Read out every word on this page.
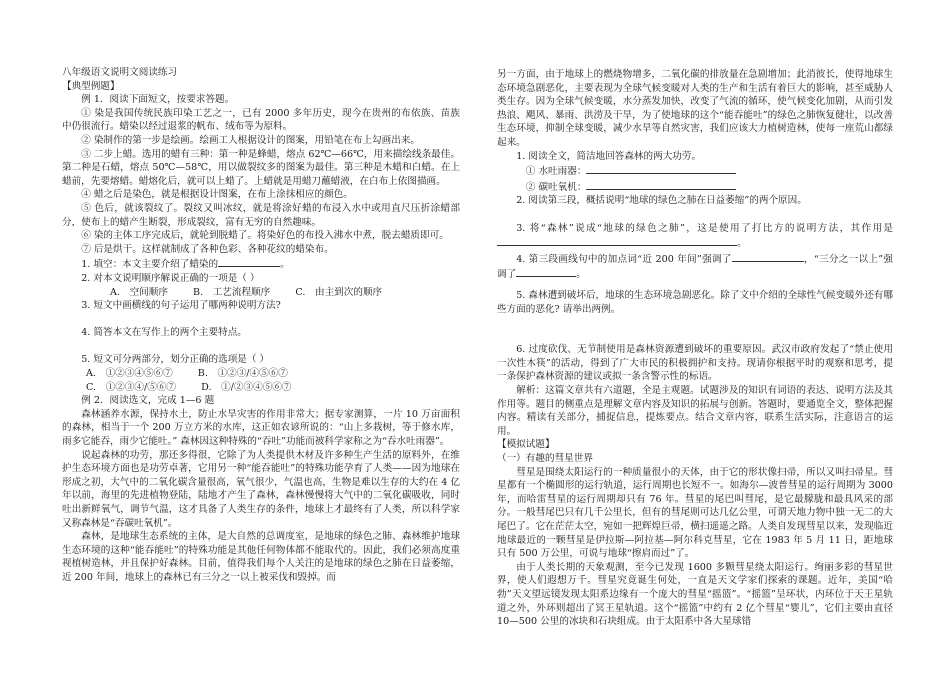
八年级语文说明文阅读练习

【典型例题】

例 1．阅读下面短文，按要求答题。

① 染是我国传统民族印染工艺之一，已有 2000 多年历史，现今在贵州的布依族、苗族中仍很流行。蜡染以经过退浆的帆布、绒布等为原料。

② 染制作的第一步是绘画。绘画工人根据设计的图案，用铅笔在布上勾画出来。

③ 二步上蜡。选用的蜡有三种：第一种是蜂蜡，熔点 62℃—66℃，用来描绘线条最佳。第二种是石蜡，熔点 50℃—58℃，用以做裂纹多的图案为最佳。第三种是木蜡和白蜡。在上蜡前，先要熔蜡。蜡熔化后，就可以上蜡了。上蜡就是用蜡刀蘸蜡液，在白布上依图描画。

④ 蜡之后是染色，就是根据设计图案，在布上涂抹相应的颜色。

⑤ 色后，就该裂纹了。裂纹又叫冰纹，就是将涂好蜡的布浸入水中或用直尺压折涂蜡部分，使布上的蜡产生断裂，形成裂纹，富有无穷的自然趣味。

⑥ 染的主体工序完成后，就轮到脱蜡了。将染好色的布投入沸水中煮，脱去蜡质即可。

⑦ 后是烘干。这样就制成了各种色彩、各种花纹的蜡染布。

1. 填空：本文主要介绍了蜡染的	。

2. 对本文说明顺序解说正确的一项是（ ）

A.　空间顺序	B.　工艺流程顺序	C.　由主到次的顺序

3. 短文中画横线的句子运用了哪两种说明方法?

4. 简答本文在写作上的两个主要特点。

5. 短文可分两部分，划分正确的选项是（ ）

A.　①②③④⑤⑥⑦	B.　①②③/④⑤⑥⑦

C.　①②③④/⑤⑥⑦	D.　①/②③④⑤⑥⑦

例 2．阅读选文，完成 1—6 题

森林涵养水源，保持水土，防止水旱灾害的作用非常大；据专家测算，一片 10 万亩面积的森林，相当于一个 200 万立方米的水库，这正如农谚所说的：“山上多栽树，等于修水库，雨多它能吞，雨少它能吐。” 森林因这种特殊的“吞吐”功能而被科学家称之为“吞水吐雨器”。

说起森林的功劳，那还多得很，它除了为人类提供木材及许多种生产生活的原料外，在维护生态环境方面也是功劳卓著，它用另一种“能吞能吐”的特殊功能孕育了人类——因为地球在形成之初，大气中的二氧化碳含量很高，氧气很少，气温也高，生物是难以生存的大约在 4 亿年以前，海里的先进植物登陆，陆地才产生了森林，森林慢慢将大气中的二氧化碳吸收，同时吐出新鲜氧气，调节气温，这才具备了人类生存的条件，地球上才最终有了人类，所以科学家又称森林是“吞碳吐氧机”。

森林，是地球生态系统的主体，是大自然的总调度室，是地球的绿色之肺、森林维护地球生态环境的这种“能吞能吐”的特殊功能是其他任何物体都不能取代的。因此，我们必须高度重视植树造林，并且保护好森林。目前，值得我们每个人关注的是地球的绿色之肺在日益萎缩，近 200 年间，地球上的森林已有三分之一以上被采伐和毁掉。而

另一方面，由于地球上的燃烧物增多，二氧化碳的排放量在急剧增加；此消彼长，使得地球生态环境急剧恶化，主要表现为全球气候变暖对人类的生产和生活有着巨大的影响，甚至威胁人类生存。因为全球气候变暖，水分蒸发加快，改变了气流的循环，使气候变化加剧，从而引发热浪、飓风、暴雨、洪涝及干旱，为了使地球的这个“能吞能吐”的绿色之肺恢复健壮，以改善生态环境，抑制全球变暖，减少水旱等自然灾害，我们应该大力植树造林，使每一座荒山都绿起来。

1. 阅读全文，简洁地回答森林的两大功劳。

① 水吐雨器：

② 碳吐氧机：

2. 阅读第三段，概括说明“地球的绿色之肺在日益萎缩”的两个原因。

3. 将“森林”说成“地球的绿色之肺”，这是使用了打比方的说明方法，其作用是。

4. 第三段画线句中的加点词“近 200 年间”强调了	，“三分之一以上”强调了	。

5. 森林遭到破坏后，地球的生态环境急剧恶化。除了文中介绍的全球性气候变暖外还有哪些方面的恶化? 请举出两例。

6. 过度砍伐、无节制使用是森林资源遭到破坏的重要原因。武汉市政府发起了“禁止使用一次性木筷”的活动，得到了广大市民的积极拥护和支持。现请你根据平时的观察和思考，提一条保护森林资源的建议或拟一条含警示性的标语。

解析：这篇文章共有六道题，全是主观题。试题涉及的知识有词语的表达、说明方法及其作用等。题目的侧重点是理解文章内容及知识的拓展与创新。答题时，要通览全文，整体把握内容。精读有关部分，捕捉信息，提炼要点。结合文章内容，联系生活实际，注意语言的运用。

【模拟试题】

（一）有趣的彗星世界

彗星是围绕太阳运行的一种质量很小的天体，由于它的形状像扫帚，所以又叫扫帚星。彗星都有一个椭圆形的运行轨道，运行周期也长短不一。如海尔—波普彗星的运行周期为 3000 年，而哈雷彗星的运行周期却只有 76 年。彗星的尾巴叫彗尾，是它最朦胧和最具风采的部分。一般彗尾巴只有几千公里长，但有的彗尾则可达几亿公里，可谓天地力物中独一无二的大尾巴了。它在茫茫太空，宛如一把辉煌巨帚，横扫遥遥之路。人类自发现彗星以来，发现临近地球最近的一颗彗星是伊拉斯—阿拉基—阿尔科克彗星，它在 1983 年 5 月 11 日，距地球只有 500 万公里，可说与地球“擦肩而过”了。

由于人类长期的天象观测，至今已发现 1600 多颗彗星绕太阳运行。绚丽多彩的彗星世界，使人们遐想万千。彗星究竟诞生何处，一直是天文学家们探索的课题。近年，美国“哈勃”天文望远镜发现太阳系边缘有一个庞大的彗星“摇篮”。“摇篮”呈环状，内环位于天王星轨道之外，外环则超出了冥王星轨道。这个“摇篮”中约有 2 亿个彗星“婴儿”，它们主要由直径 10—500 公里的冰块和石块组成。由于太阳系中各大星球错
